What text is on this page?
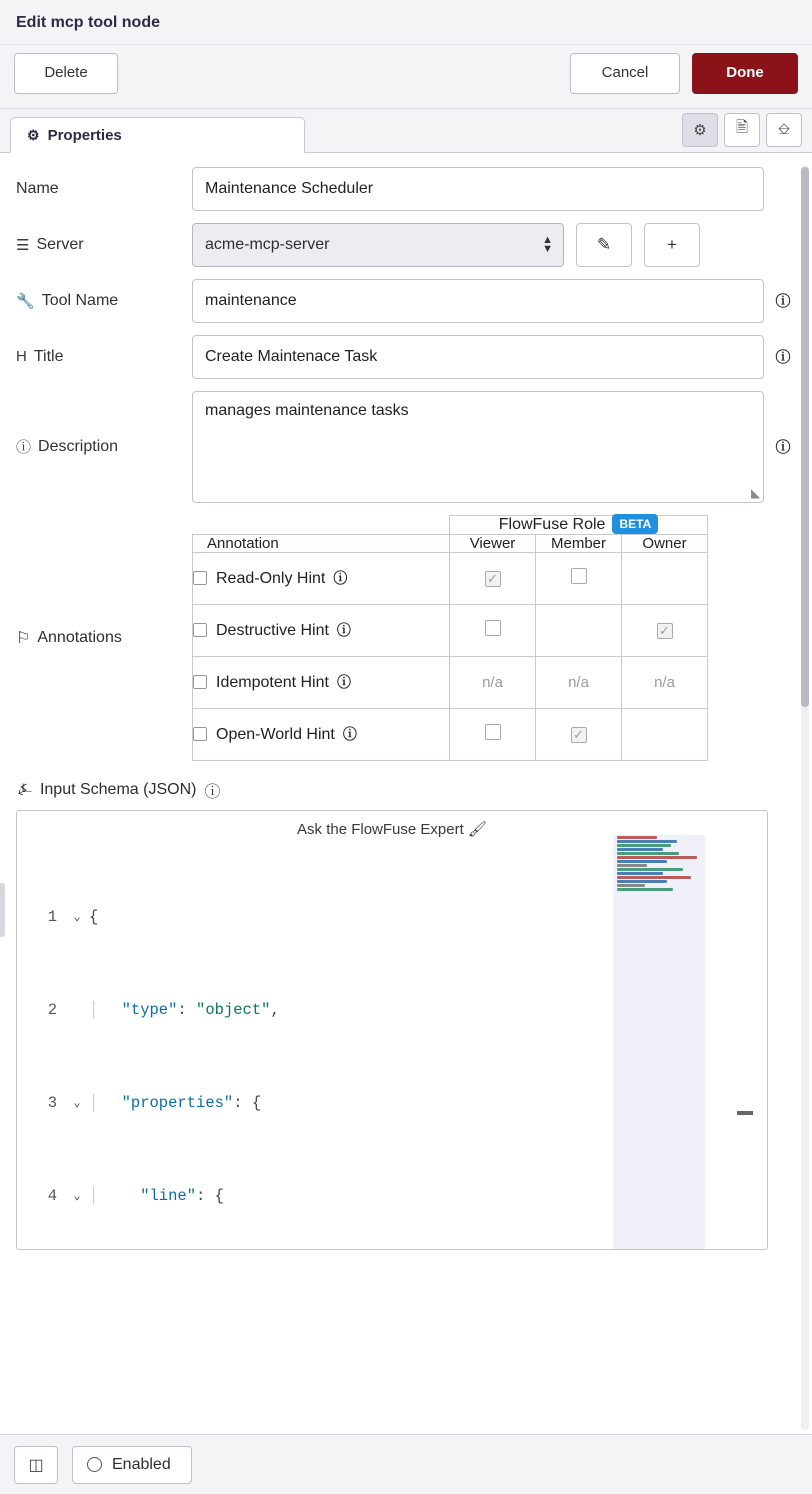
Edit mcp tool node
Delete	Cancel	Done
⚙ Properties	⚙	🖹	⎒
Name	Maintenance Scheduler
☰ Server	acme-mcp-server	▲
▼	✎	+
🔧 Tool Name	maintenance	ⓘ
H Title	Create Maintenace Task	ⓘ
ⓘ Description
manages maintenance tasks
◢
ⓘ
⚐ Annotations
	FlowFuse Role BETA		
Annotation	Viewer	Member	Owner
Read-Only Hint ⓘ	✓		
Destructive Hint ⓘ			✓
Idempotent Hint ⓘ	n/a	n/a	n/a
Open-World Hint ⓘ		✓	
⍼ Input Schema (JSON) ⓘ
Ask the FlowFuse Expert 🖌

1	⌄ {

2	│ "type" : "object" ,

3	⌄ │ "properties" : {

4	⌄ │ "line" : {

◫	Enabled
